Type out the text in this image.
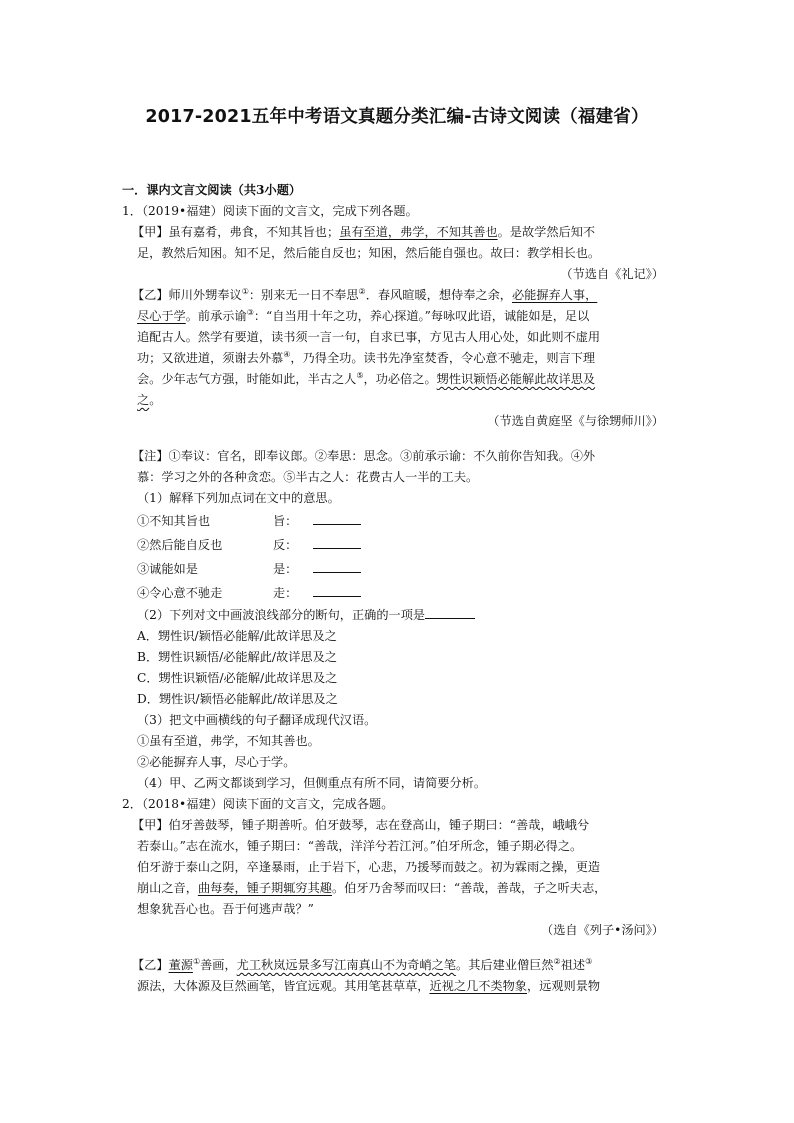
2017-2021五年中考语文真题分类汇编-古诗文阅读（福建省）
一．课内文言文阅读（共3小题）
1．（2019•福建）阅读下面的文言文，完成下列各题。
【甲】虽有嘉肴，弗食，不知其旨也；虽有至道，弗学，不知其善也。是故学然后知不
足，教然后知困。知不足，然后能自反也；知困，然后能自强也。故曰：教学相长也。
（节选自《礼记》）
【乙】师川外甥奉议①：别来无一日不奉思②．春风暄暖，想侍奉之余，必能摒弃人事，
尽心于学。前承示谕③：“自当用十年之功，养心探道。”每咏叹此语，诚能如是，足以
追配古人。然学有要道，读书须一言一句，自求已事，方见古人用心处，如此则不虚用
功；又欲进道，须谢去外慕④，乃得全功。读书先净室焚香，令心意不驰走，则言下理
会。少年志气方强，时能如此，半古之人⑤，功必倍之。甥性识颖悟必能解此故详思及
之。
（节选自黄庭坚《与徐甥师川》）
【注】①奉议：官名，即奉议郎。②奉思：思念。③前承示谕：不久前你告知我。④外
慕：学习之外的各种贪恋。⑤半古之人：花费古人一半的工夫。
（1）解释下列加点词在文中的意思。
①不知其旨也	旨：
②然后能自反也	反：
③诚能如是	是：
④令心意不驰走	走：
（2）下列对文中画波浪线部分的断句，正确的一项是
A．甥性识/颖悟必能解/此故详思及之
B．甥性识颖悟/必能解此/故详思及之
C．甥性识颖悟/必能解/此故详思及之
D．甥性识/颖悟必能解此/故详思及之
（3）把文中画横线的句子翻译成现代汉语。
①虽有至道，弗学，不知其善也。
②必能摒弃人事，尽心于学。
（4）甲、乙两文都谈到学习，但侧重点有所不同，请简要分析。
2．（2018•福建）阅读下面的文言文，完成各题。
【甲】伯牙善鼓琴，锺子期善听。伯牙鼓琴，志在登高山，锺子期曰：“善哉，峨峨兮
若泰山。”志在流水，锺子期曰：“善哉，洋洋兮若江河。”伯牙所念，锺子期必得之。
伯牙游于泰山之阴，卒逢暴雨，止于岩下，心悲，乃援琴而鼓之。初为霖雨之操，更造
崩山之音，曲每奏，锺子期辄穷其趣。伯牙乃舍琴而叹曰：“善哉，善哉，子之听夫志，
想象犹吾心也。吾于何逃声哉？”
（选自《列子•汤问》）
【乙】董源①善画，尤工秋岚远景多写江南真山不为奇峭之笔。其后建业僧巨然②祖述③
源法，大体源及巨然画笔，皆宜远观。其用笔甚草草，近视之几不类物象，远观则景物
